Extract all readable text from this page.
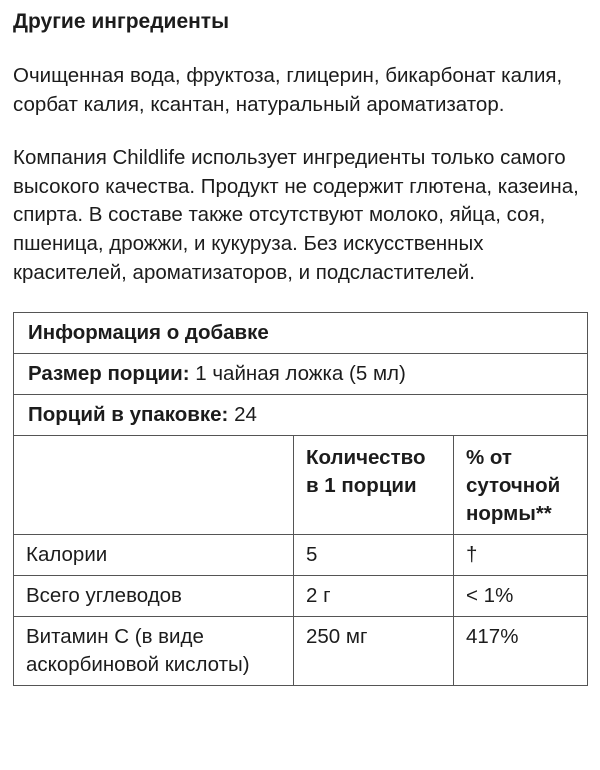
Другие ингредиенты

Очищенная вода, фруктоза, глицерин, бикарбонат калия, сорбат калия, ксантан, натуральный ароматизатор.

Компания Childlife использует ингредиенты только самого высокого качества. Продукт не содержит глютена, казеина, спирта. В составе также отсутствуют молоко, яйца, соя, пшеница, дрожжи, и кукуруза. Без искусственных красителей, ароматизаторов, и подсластителей.

Информация о добавке		
Размер порции: 1 чайная ложка (5 мл)		
Порций в упаковке: 24		
	Количество в 1 порции	% от суточной нормы**
Калории	5	†
Всего углеводов	2 г	< 1%
Витамин C (в виде аскорбиновой кислоты)	250 мг	417%
